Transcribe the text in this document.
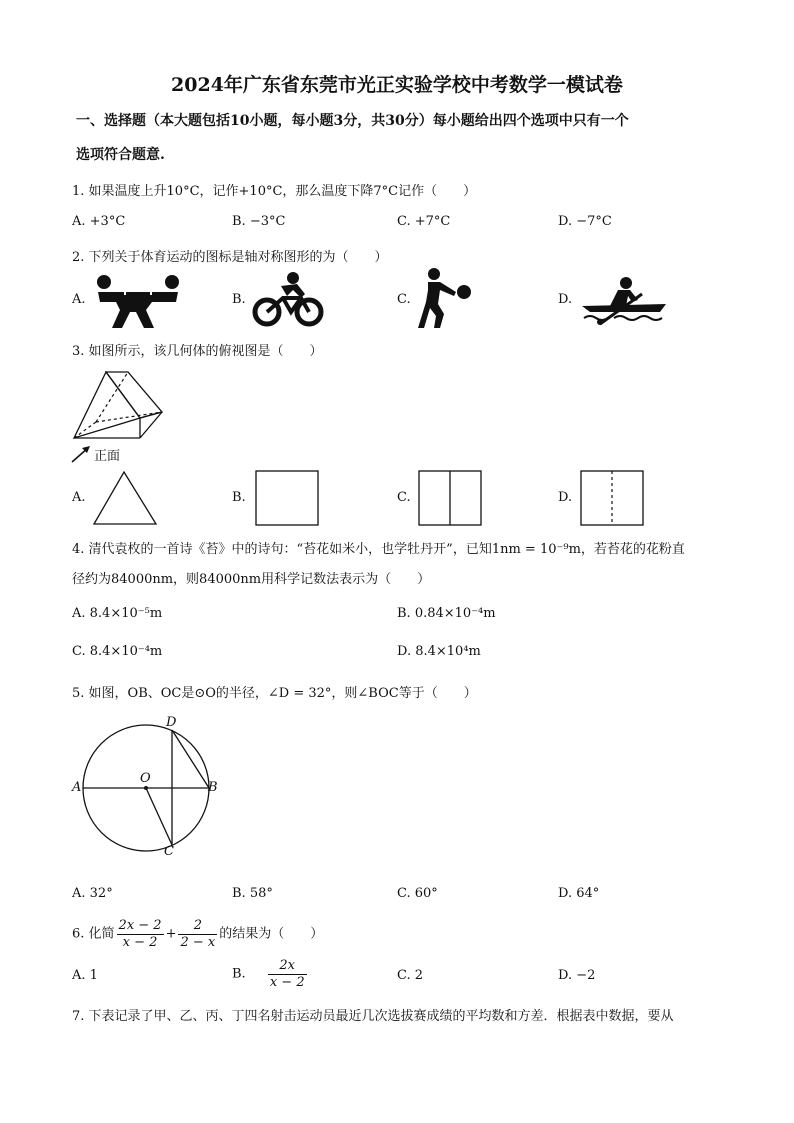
2024年广东省东莞市光正实验学校中考数学一模试卷
一、选择题（本大题包括10小题，每小题3分，共30分）每小题给出四个选项中只有一个
选项符合题意.
1. 如果温度上升10°C，记作+10°C，那么温度下降7°C记作（　　）
A. +3°C	B. −3°C	C. +7°C	D. −7°C
2. 下列关于体育运动的图标是轴对称图形的为（　　）
A.	B.	C.	D.
3. 如图所示，该几何体的俯视图是（　　）
正面
A.	B.	C.	D.
4. 清代袁枚的一首诗《苔》中的诗句：“苔花如米小，也学牡丹开”，已知1nm = 10⁻⁹m，若苔花的花粉直
径约为84000nm，则84000nm用科学记数法表示为（　　）
A. 8.4×10⁻⁵m	B. 0.84×10⁻⁴m
C. 8.4×10⁻⁴m	D. 8.4×10⁴m
5. 如图，OB、OC是⊙O的半径，∠D = 32°，则∠BOC等于（　　）
A	B
C
D
O
A. 32°	B. 58°	C. 60°	D. 64°
6. 化简 $\frac{2x - 2}{x - 2} + \frac{2}{2 - x}$ 的结果为（　　）
A. 1	B. $\frac{2x}{x - 2}$	C. 2	D. −2
7. 下表记录了甲、乙、丙、丁四名射击运动员最近几次选拔赛成绩的平均数和方差．根据表中数据，要从
